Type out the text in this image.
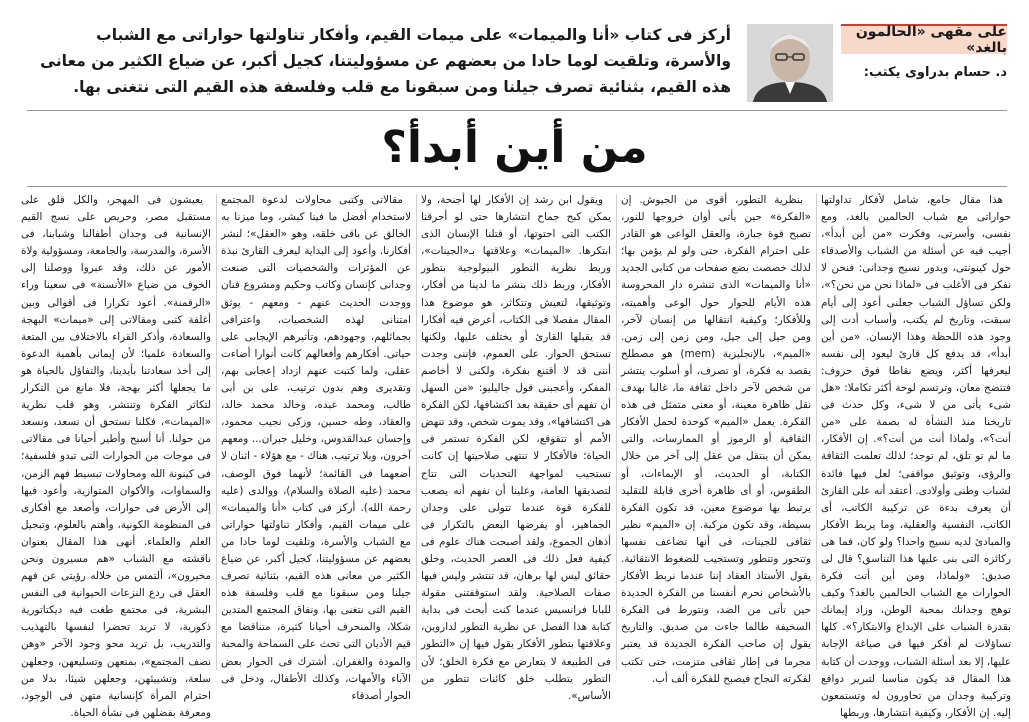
على مقهى «الحالمون بالغد»
د. حسام بدراوى يكتب:
أركز فى كتاب «أنا والميمات» على ميمات القيم، وأفكار تناولتها حواراتى مع الشباب والأسرة، وتلقيت لوما حادا من بعضهم عن مسؤوليتنا، كجيل أكبر، عن ضياع الكثير من معانى هذه القيم، بثنائية تصرف جيلنا ومن سبقونا مع قلب وفلسفة هذه القيم التى نتغنى بها.
من أين أبدأ؟

هذا مقال جامع، شامل لأفكار تداولتها حواراتى مع شباب الحالمين بالغد، ومع نفسى، وأسرتى، وفكرت «من أين أبدأ»، أجيب فيه عن أسئلة من الشباب والأصدقاء حول كينونتى، وبدور نسيج وجدانى: فنحن لا نفكر فى الأغلب فى «لماذا نحن من نحن؟»، ولكن تساؤل الشباب جعلنى أعود إلى أيام سبقت، وتاريخ لم يكتب، وأسباب أدت إلى وجود هذه اللحظة وهذا الإنسان. «من أين أبدأ»، قد يدفع كل قارئ ليعود إلى نفسه ليعرفها أكثر، ويضع نقاطا فوق حروف: فتتضح معان، وترتسم لوحة أكثر تكاملا: «هل شىء يأتى من لا شىء، وكل حدث فى تاريخنا منذ النشأة له بصمة على «من أنت؟»، ولماذا أنت من أنت؟». إن الأفكار، ما لم تو تلق، لم توجد؛ لذلك تعلمت الثقافة والرؤى، وتوثيق مواقفى؛ لعل فيها فائدة لشباب وطنى وأولادى. أعتقد أنه على القارئ أن يعرف بدءة عن تركيبة الكاتب، أى الكاتب، النفسية والعقلية، وما يربط الأفكار والمبادئ لديه نسيج واحدا؟ ولو كان، فما هى ركائزه التى بنى عليها هذا التناسق؟ قال لى صديق: «ولماذا، ومن أين أتت فكرة الحوارات مع الشباب الحالمين بالغد؟ وكيف توهج وجدانك بمحبة الوطن، وزاد إيمانك بقدرة الشباب على الإبداع والابتكار؟». كلها تساؤلات لم أفكر فيها فى صياغة الإجابة عليها، إلا بعد أسئلة الشباب، ووجدت أن كتابة هذا المقال قد يكون مناسبا لتبرير دوافع وتركيبة وجدان من تحاورون له وتستمعون إليه. إن الأفكار، وكيفية انتشارها، وربطها

بنظرية التطور، أقوى من الجيوش. إن «الفكرة» حين يأتى أوان خروجها للنور، تصبح قوة جبارة، والعقل الواعى هو القادر على احترام الفكرة، حتى ولو لم يؤمن بها؛ لذلك خصصت بضع صفحات من كتابى الجديد «أنا والميمات» الذى تنشره دار المحروسة هذه الأيام للحوار حول الوعى وأهميته، وللأفكار؛ وكيفية انتقالها من إنسان لآخر، ومن جيل إلى جيل، ومن زمن إلى زمن. «الميم»، بالإنجليزية (mem) هو مصطلح يقصد به فكرة، أو تصرف، أو أسلوب ينتشر من شخص لآخر داخل ثقافة ما، غالبا بهدف نقل ظاهرة معينة، أو معنى متمثل فى هذه الفكرة. يعمل «الميم» كوحدة لحمل الأفكار الثقافية أو الرموز أو الممارسات، والتى يمكن أن ينتقل من عقل إلى آخر من خلال الكتابة، أو الحديث، أو الإيماءات، أو الطقوس، أو أى ظاهرة أخرى قابلة للتقليد يرتبط بها موضوع معين، قد تكون الفكرة بسيطة، وقد تكون مركبة. إن «الميم» نظير ثقافى للجينات، فى أنها تضاعف نفسها وتتحور وتتطور وتستجيب للضغوط الانتقائية. يقول الأستاذ العقاد إننا عندما نربط الأفكار بالأشخاص نحرم أنفسنا من الفكرة الجديدة حين تأتى من الضد، ونتورط فى الفكرة السخيفة طالما جاءت من صديق. والتاريخ يقول إن صاحب الفكرة الجديدة قد يعتبر مجرما فى إطار ثقافى متزمت، حتى تكتب لفكرته النجاح فيصبح للفكرة ألف أب.

ويقول ابن رشد إن الأفكار لها أجنحة، ولا يمكن كبح جماح انتشارها حتى لو أحرقنا الكتب التى احتوتها، أو قتلنا الإنسان الذى ابتكرها. «الميمات» وعلاقتها بـ«الجينات»، وربط نظرية التطور البيولوجية بتطور الأفكار، وربط ذلك بنشر ما لدينا من أفكار، وتوثيقها، لتعيش وتتكاثر، هو موضوع هذا المقال مفصلا فى الكتاب، أعرض فيه أفكارا قد يقبلها القارئ أو يختلف عليها، ولكنها تستحق الحوار. على العموم، فإننى وجدت أننى قد لا أقتنع بفكرة، ولكنى لا أخاصم المفكر، وأعجبنى قول جاليليو: «من السهل أن تفهم أى حقيقة بعد اكتشافها، لكن الفكرة هى اكتشافها»، وقد يموت شخص، وقد تنهض الأمم أو تتقوقع، لكن الفكرة تستمر فى الحياة؛ فالأفكار لا تنتهى صلاحيتها إن كانت تستجيب لمواجهة التحديات التى تتاح لتصديقها العامة، وعلينا أن نفهم أنه يصعب للفكرة قوة عندما تتولى على وجدان الجماهير، أو يفرضها البعض بالتكرار فى أذهان الجموع، ولقد أصبحت هناك علوم فى كيفية فعل ذلك فى العصر الحديث، وخلق حقائق ليس لها برهان، قد تنتشر وليس فيها صفات الصلاحية. ولقد استوقفتنى مقولة للبابا فرانسيس عندما كنت أبحث فى بداية كتابة هذا الفصل عن نظرية التطور لداروين، وعلاقتها بتطور الأفكار يقول فيها إن «التطور فى الطبيعة لا يتعارض مع فكرة الخلق؛ لأن التطور يتطلب خلق كائنات تتطور من الأساس».

مقالاتى وكتبى محاولات لدعوة المجتمع لاستخدام أفضل ما فينا كبشر، وما ميزنا به الخالق عن باقى خلقه، وهو «العقل»؛ لنشر أفكارنا. وأعود إلى البداية ليعرف القارئ نبذة عن المؤثرات والشخصيات التى صنعت وجدانى كإنسان وكاتب وحكيم ومشروع فنان ووجدت الحديث عنهم - ومعهم - يوثق امتنانى لهذه الشخصيات، واعترافى بجمائلهم، وجهودهم، وتأثيرهم الإيجابى على حياتى. أفكارهم وأفعالهم كانت أنوارا أضاءت عقلى، ولما كتبت عنهم ازداد إعجابى بهم، وتقديرى وهم بدون ترتيب، على بن أبى طالب، ومحمد عبده، وخالد محمد خالد، والعقاد، وطه حسين، وزكى نجيب محمود، وإحسان عبدالقدوس، وخليل جبران... ومعهم آخرون، وبلا ترتيب. هناك - مع هؤلاء - اثنان لا أضعهما فى القائمة؛ لأنهما فوق الوصف، محمد (عليه الصلاة والسلام)، ووالدى (عليه رحمة الله). أركز فى كتاب «أنا والميمات» على ميمات القيم، وأفكار تناولتها حواراتى مع الشباب والأسرة، وتلقيت لوما حادا من بعضهم عن مسؤوليتنا، كجيل أكبر، عن ضياع الكثير من معانى هذه القيم، بثنائية تصرف جيلنا ومن سبقونا مع قلب وفلسفة هذه القيم التى نتغنى بها، ونفاق المجتمع المتدين شكلا، والمنحرف أحيانا كثيرة، متناقضا مع قيم الأديان التى تحث على السماحة والمحبة والمودة والغفران. أشترك فى الحوار بعض الآباء والأمهات، وكذلك الأطفال، ودخل فى الحوار أصدقاء

يعيشون فى المهجر، والكل قلق على مستقبل مصر، وحريص على نسج القيم الإنسانية فى وجدان أطفالنا وشبابنا، فى الأسرة، والمدرسة، والجامعة، ومسؤولية ولاة الأمور عن ذلك، وقد عبروا ووصلنا إلى الخوف من ضياع «الأنسنة» فى سعينا وراء «الرقمنة». أعود تكرارا فى أقوالى وبين أغلفة كتبى ومقالاتى إلى «ميمات» البهجة والسعادة، وأذكر القراء بالاختلاف بين المتعة والسعادة علميا؛ لأن إيمانى بأهمية الدعوة إلى أخذ سعادتنا بأيدينا، والتفاؤل بالحياة هو ما يجعلها أكثر بهجة، فلا مانع من التكرار لتكاثر الفكرة وتنتشر، وهو قلب نظرية «الميمات»، فكلنا نستحق أن نسعد، ونسعد من حولنا. أنا أسبح وأطير أحيانا فى مقالاتى فى موجات من الحوارات التى تبدو فلسفية؛ فى كينونة الله ومحاولات تبسيط فهم الزمن، والسماوات، والأكوان المتوازية، وأعود فيها إلى الأرض فى حوارات، وأصعد مع أفكارى فى المنظومة الكونية، وأهتم بالعلوم، وتبجيل العلم والعلماء. أنهى هذا المقال بعنوان ناقشته مع الشباب «هم مسيرون ونحن مخيرون»، ألتمس من خلاله رؤيتى عن فهم العقل فى ردع النزعات الحيوانية فى النفس البشرية، فى مجتمع طغت فيه ديكتاتورية ذكورية، لا تريد تحضرا لنفسها بالتهذيب والتدريب، بل تريد محو وجود الآخر «وهن نصف المجتمع»، بمنعهن وتسليعهن، وجعلهن سلعة، وتشييئهن، وجعلهن شيئا، بدلا من احترام المرأة كإنسانية متهن فى الوجود، ومعرفة بفضلهن فى نشأة الحياة.
